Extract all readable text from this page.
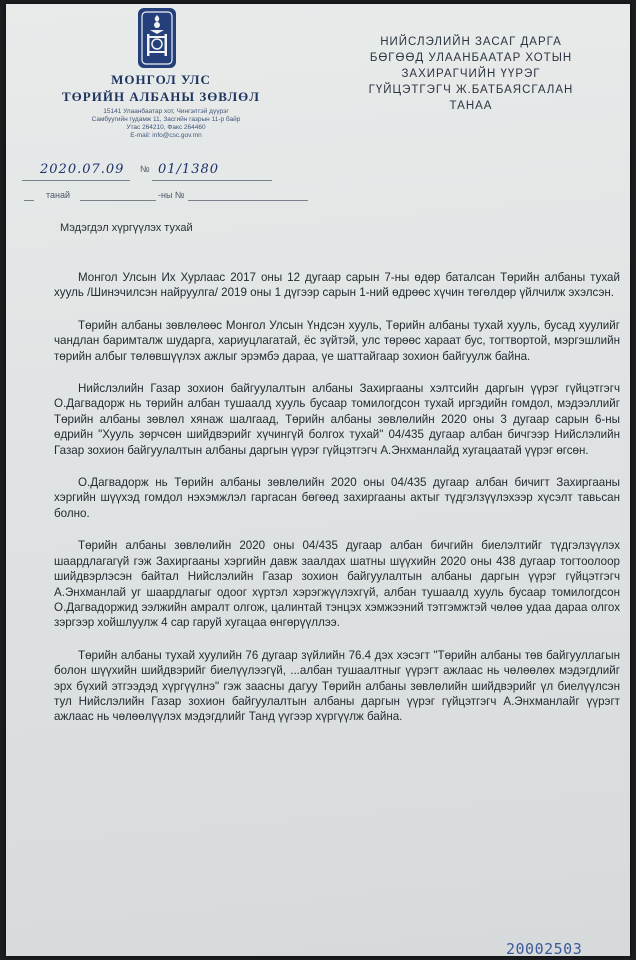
МОНГОЛ УЛС
ТӨРИЙН АЛБАНЫ ЗӨВЛӨЛ
15141 Улаанбаатар хот, Чингэлтэй дүүрэг
Самбуугийн гудамж 11, Засгийн газрын 11-р байр
Утас 264210, Факс 264460
E-mail: info@csc.gov.mn
НИЙСЛЭЛИЙН ЗАСАГ ДАРГА
БӨГӨӨД УЛААНБААТАР ХОТЫН
ЗАХИРАГЧИЙН ҮҮРЭГ
ГҮЙЦЭТГЭГЧ Ж.БАТБАЯСГАЛАН
ТАНАА
2020.07.09 № 01/1380
танай	-ны №
Мэдэгдэл хүргүүлэх тухай

Монгол Улсын Их Хурлаас 2017 оны 12 дугаар сарын 7-ны өдөр баталсан Төрийн албаны тухай хууль /Шинэчилсэн найруулга/ 2019 оны 1 дүгээр сарын 1-ний өдрөөс хүчин төгөлдөр үйлчилж эхэлсэн.

Төрийн албаны зөвлөлөөс Монгол Улсын Үндсэн хууль, Төрийн албаны тухай хууль, бусад хуулийг чандлан баримталж шударга, хариуцлагатай, ёс зүйтэй, улс төрөөс хараат бус, тогтвортой, мэргэшлийн төрийн албыг төлөвшүүлэх ажлыг эрэмбэ дараа, үе шаттайгаар зохион байгуулж байна.

Нийслэлийн Газар зохион байгуулалтын албаны Захиргааны хэлтсийн даргын үүрэг гүйцэтгэгч О.Дагвадорж нь төрийн албан тушаалд хууль бусаар томилогдсон тухай иргэдийн гомдол, мэдээллийг Төрийн албаны зөвлөл хянаж шалгаад, Төрийн албаны зөвлөлийн 2020 оны 3 дугаар сарын 6-ны өдрийн "Хууль зөрчсөн шийдвэрийг хүчингүй болгох тухай" 04/435 дугаар албан бичгээр Нийслэлийн Газар зохион байгуулалтын албаны даргын үүрэг гүйцэтгэгч А.Энхманлайд хугацаатай үүрэг өгсөн.

О.Дагвадорж нь Төрийн албаны зөвлөлийн 2020 оны 04/435 дугаар албан бичигт Захиргааны хэргийн шүүхэд гомдол нэхэмжлэл гаргасан бөгөөд захиргааны актыг түдгэлзүүлэхээр хүсэлт тавьсан болно.

Төрийн албаны зөвлөлийн 2020 оны 04/435 дугаар албан бичгийн биелэлтийг түдгэлзүүлэх шаардлагагүй гэж Захиргааны хэргийн давж заалдах шатны шүүхийн 2020 оны 438 дугаар тогтоолоор шийдвэрлэсэн байтал Нийслэлийн Газар зохион байгуулалтын албаны даргын үүрэг гүйцэтгэгч А.Энхманлай уг шаардлагыг одоог хүртэл хэрэгжүүлэхгүй, албан тушаалд хууль бусаар томилогдсон О.Дагвадоржид ээлжийн амралт олгож, цалинтай тэнцэх хэмжээний тэтгэмжтэй чөлөө удаа дараа олгох зэргээр хойшлуулж 4 сар гаруй хугацаа өнгөрүүллээ.

Төрийн албаны тухай хуулийн 76 дугаар зүйлийн 76.4 дэх хэсэгт "Төрийн албаны төв байгууллагын болон шүүхийн шийдвэрийг биелүүлээгүй, ...албан тушаалтныг үүрэгт ажлаас нь чөлөөлөх мэдэгдлийг эрх бүхий этгээдэд хүргүүлнэ" гэж заасны дагуу Төрийн албаны зөвлөлийн шийдвэрийг үл биелүүлсэн тул Нийслэлийн Газар зохион байгуулалтын албаны даргын үүрэг гүйцэтгэгч А.Энхманлайг үүрэгт ажлаас нь чөлөөлүүлэх мэдэгдлийг Танд үүгээр хүргүүлж байна.

20002503
